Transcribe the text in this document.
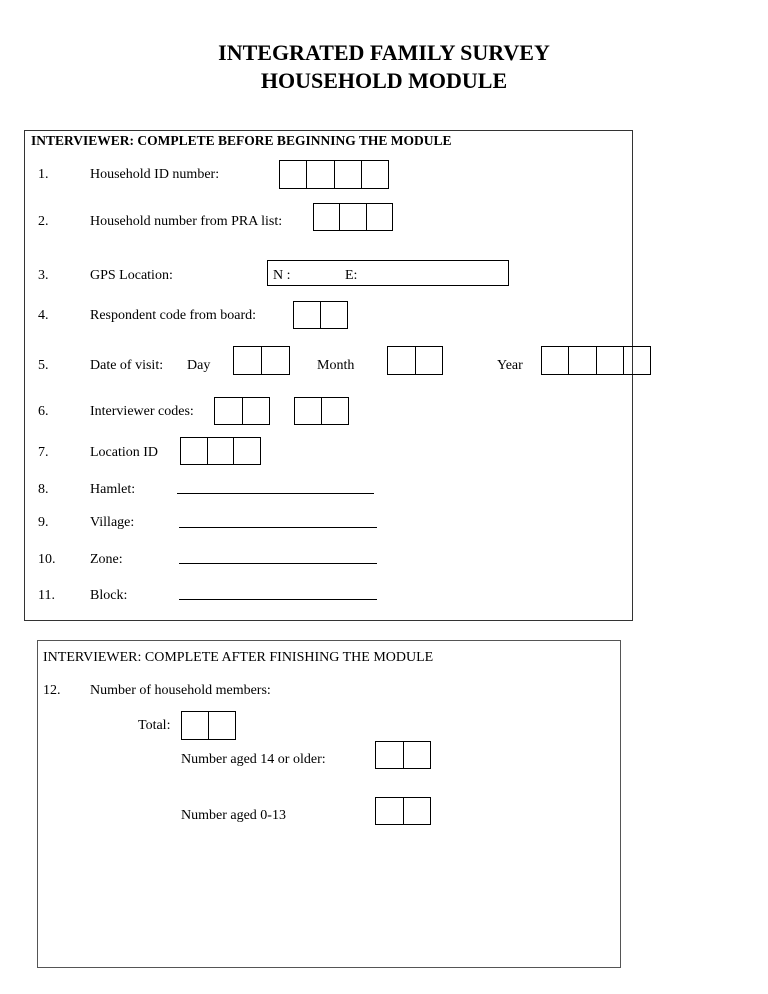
INTEGRATED FAMILY SURVEY
HOUSEHOLD MODULE
INTERVIEWER: COMPLETE BEFORE BEGINNING THE MODULE
1.	Household ID number:
2.	Household number from PRA list:
3.	GPS Location:	N :	E:
4.	Respondent code from board:
5.	Date of visit: Day	Month	Year
6.	Interviewer codes:
7.	Location ID
8.	Hamlet:
9.	Village:
10. Zone:
11.	Block:
INTERVIEWER: COMPLETE AFTER FINISHING THE MODULE
12. Number of household members:
Total:
Number aged 14 or older:
Number aged 0-13
